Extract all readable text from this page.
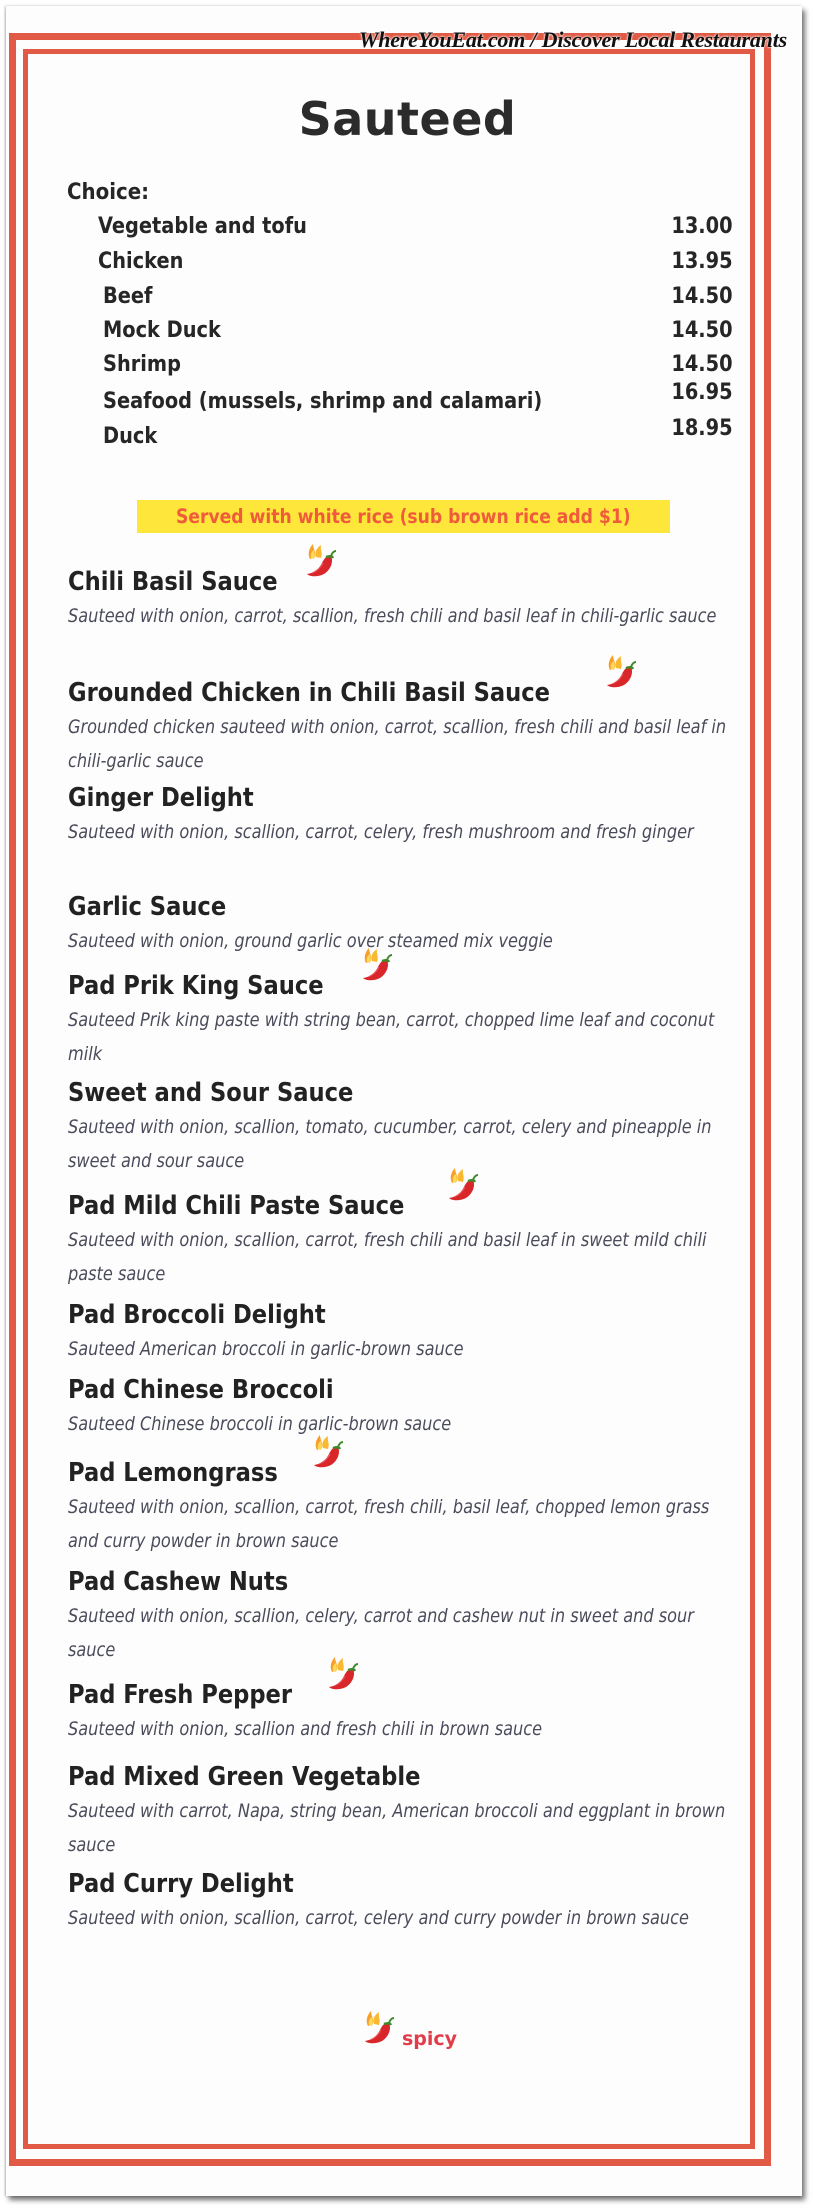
WhereYouEat.com / Discover Local Restaurants
Sauteed
Choice:
Vegetable and tofu	13.00
Chicken	13.95
Beef	14.50
Mock Duck	14.50
Shrimp	14.50
Seafood (mussels, shrimp and calamari)	16.95
Duck	18.95
Served with white rice (sub brown rice add $1)
Chili Basil Sauce
Sauteed with onion, carrot, scallion, fresh chili and basil leaf in chili-garlic sauce
Grounded Chicken in Chili Basil Sauce
Grounded chicken sauteed with onion, carrot, scallion, fresh chili and basil leaf in chili-garlic sauce
Ginger Delight
Sauteed with onion, scallion, carrot, celery, fresh mushroom and fresh ginger
Garlic Sauce
Sauteed with onion, ground garlic over steamed mix veggie
Pad Prik King Sauce
Sauteed Prik king paste with string bean, carrot, chopped lime leaf and coconut milk
Sweet and Sour Sauce
Sauteed with onion, scallion, tomato, cucumber, carrot, celery and pineapple in sweet and sour sauce
Pad Mild Chili Paste Sauce
Sauteed with onion, scallion, carrot, fresh chili and basil leaf in sweet mild chili paste sauce
Pad Broccoli Delight
Sauteed American broccoli in garlic-brown sauce
Pad Chinese Broccoli
Sauteed Chinese broccoli in garlic-brown sauce
Pad Lemongrass
Sauteed with onion, scallion, carrot, fresh chili, basil leaf, chopped lemon grass and curry powder in brown sauce
Pad Cashew Nuts
Sauteed with onion, scallion, celery, carrot and cashew nut in sweet and sour sauce
Pad Fresh Pepper
Sauteed with onion, scallion and fresh chili in brown sauce
Pad Mixed Green Vegetable
Sauteed with carrot, Napa, string bean, American broccoli and eggplant in brown sauce
Pad Curry Delight
Sauteed with onion, scallion, carrot, celery and curry powder in brown sauce
spicy
